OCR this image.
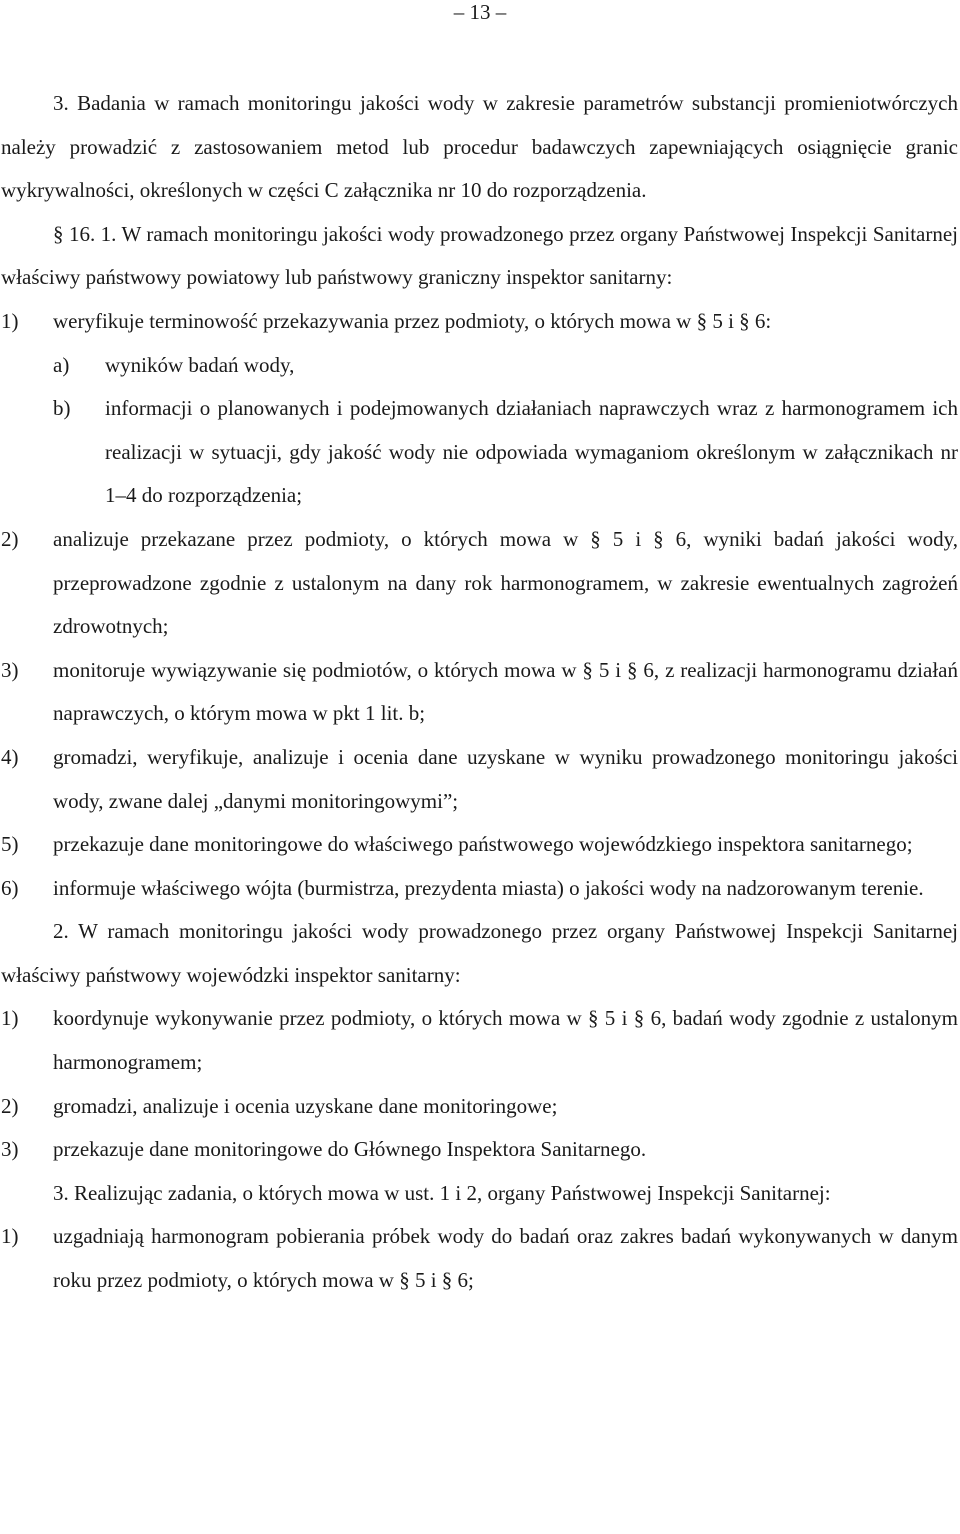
– 13 –

3. Badania w ramach monitoringu jakości wody w zakresie parametrów substancji promieniotwórczych należy prowadzić z zastosowaniem metod lub procedur badawczych zapewniających osiągnięcie granic wykrywalności, określonych w części C załącznika nr 10 do rozporządzenia.

§ 16. 1. W ramach monitoringu jakości wody prowadzonego przez organy Państwowej Inspekcji Sanitarnej właściwy państwowy powiatowy lub państwowy graniczny inspektor sanitarny:

1) weryfikuje terminowość przekazywania przez podmioty, o których mowa w § 5 i § 6:

a) wyników badań wody,

b) informacji o planowanych i podejmowanych działaniach naprawczych wraz z harmonogramem ich realizacji w sytuacji, gdy jakość wody nie odpowiada wymaganiom określonym w załącznikach nr 1–4 do rozporządzenia;

2) analizuje przekazane przez podmioty, o których mowa w § 5 i § 6, wyniki badań jakości wody, przeprowadzone zgodnie z ustalonym na dany rok harmonogramem, w zakresie ewentualnych zagrożeń zdrowotnych;

3) monitoruje wywiązywanie się podmiotów, o których mowa w § 5 i § 6, z realizacji harmonogramu działań naprawczych, o którym mowa w pkt 1 lit. b;

4) gromadzi, weryfikuje, analizuje i ocenia dane uzyskane w wyniku prowadzonego monitoringu jakości wody, zwane dalej „danymi monitoringowymi”;

5) przekazuje dane monitoringowe do właściwego państwowego wojewódzkiego inspektora sanitarnego;

6) informuje właściwego wójta (burmistrza, prezydenta miasta) o jakości wody na nadzorowanym terenie.

2. W ramach monitoringu jakości wody prowadzonego przez organy Państwowej Inspekcji Sanitarnej właściwy państwowy wojewódzki inspektor sanitarny:

1) koordynuje wykonywanie przez podmioty, o których mowa w § 5 i § 6, badań wody zgodnie z ustalonym harmonogramem;

2) gromadzi, analizuje i ocenia uzyskane dane monitoringowe;

3) przekazuje dane monitoringowe do Głównego Inspektora Sanitarnego.

3. Realizując zadania, o których mowa w ust. 1 i 2, organy Państwowej Inspekcji Sanitarnej:

1) uzgadniają harmonogram pobierania próbek wody do badań oraz zakres badań wykonywanych w danym roku przez podmioty, o których mowa w § 5 i § 6;
